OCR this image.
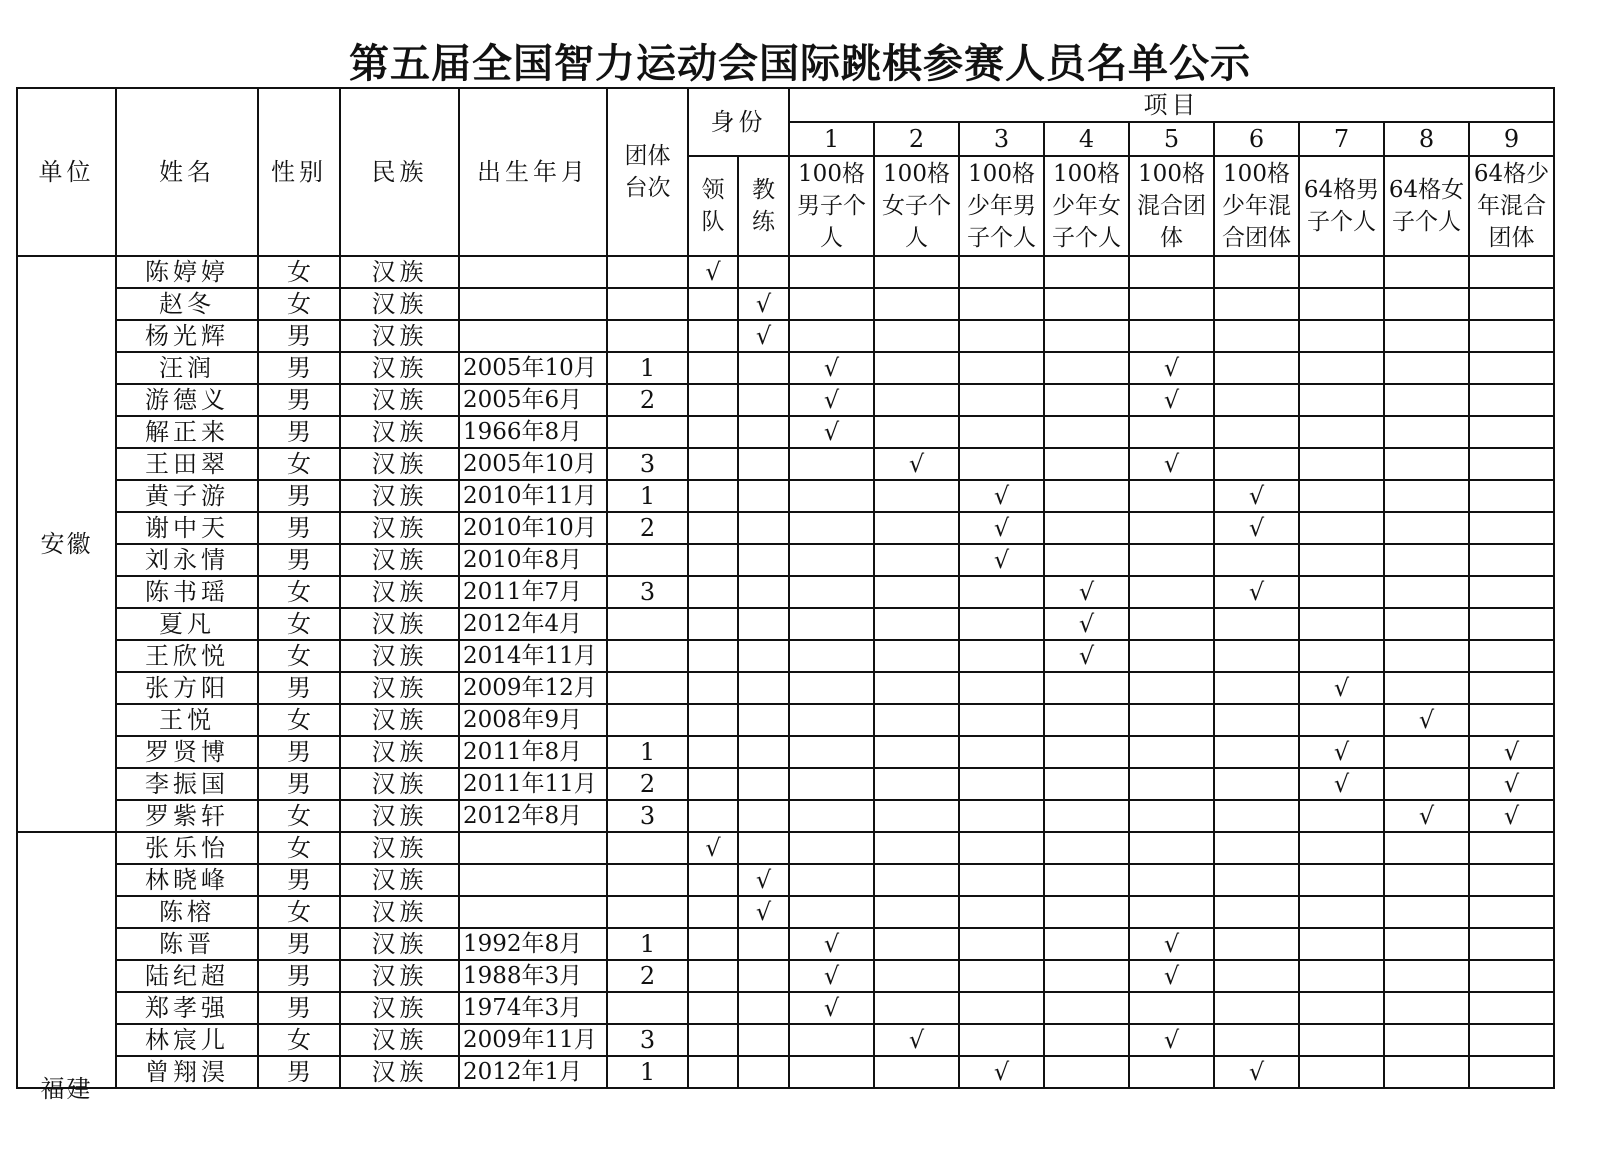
第五届全国智力运动会国际跳棋参赛人员名单公示
单位	姓名	性别	民族	出生年月	团体台次	身份		项目								
								1	2	3	4	5	6	7	8	9
						领队	教练	100格男子个人	100格女子个人	100格少年男子个人	100格少年女子个人	100格混合团体	100格少年混合团体	64格男子个人	64格女子个人	64格少年混合团体
安徽	陈婷婷	女	汉族			√										
	赵冬	女	汉族				√									
	杨光辉	男	汉族				√									
	汪润	男	汉族	2005年10月	1			√				√				
	游德义	男	汉族	2005年6月	2			√				√				
	解正来	男	汉族	1966年8月				√								
	王田翠	女	汉族	2005年10月	3				√			√				
	黄子游	男	汉族	2010年11月	1					√			√			
	谢中天	男	汉族	2010年10月	2					√			√			
	刘永情	男	汉族	2010年8月						√						
	陈书瑶	女	汉族	2011年7月	3						√		√			
	夏凡	女	汉族	2012年4月							√					
	王欣悦	女	汉族	2014年11月							√					
	张方阳	男	汉族	2009年12月										√		
	王悦	女	汉族	2008年9月											√	
	罗贤博	男	汉族	2011年8月	1									√		√
	李振国	男	汉族	2011年11月	2									√		√
	罗紫轩	女	汉族	2012年8月	3										√	√
福建	张乐怡	女	汉族			√										
	林晓峰	男	汉族				√									
	陈榕	女	汉族				√									
	陈晋	男	汉族	1992年8月	1			√				√				
	陆纪超	男	汉族	1988年3月	2			√				√				
	郑孝强	男	汉族	1974年3月				√								
	林宸儿	女	汉族	2009年11月	3				√			√				
	曾翔淏	男	汉族	2012年1月	1					√			√			
